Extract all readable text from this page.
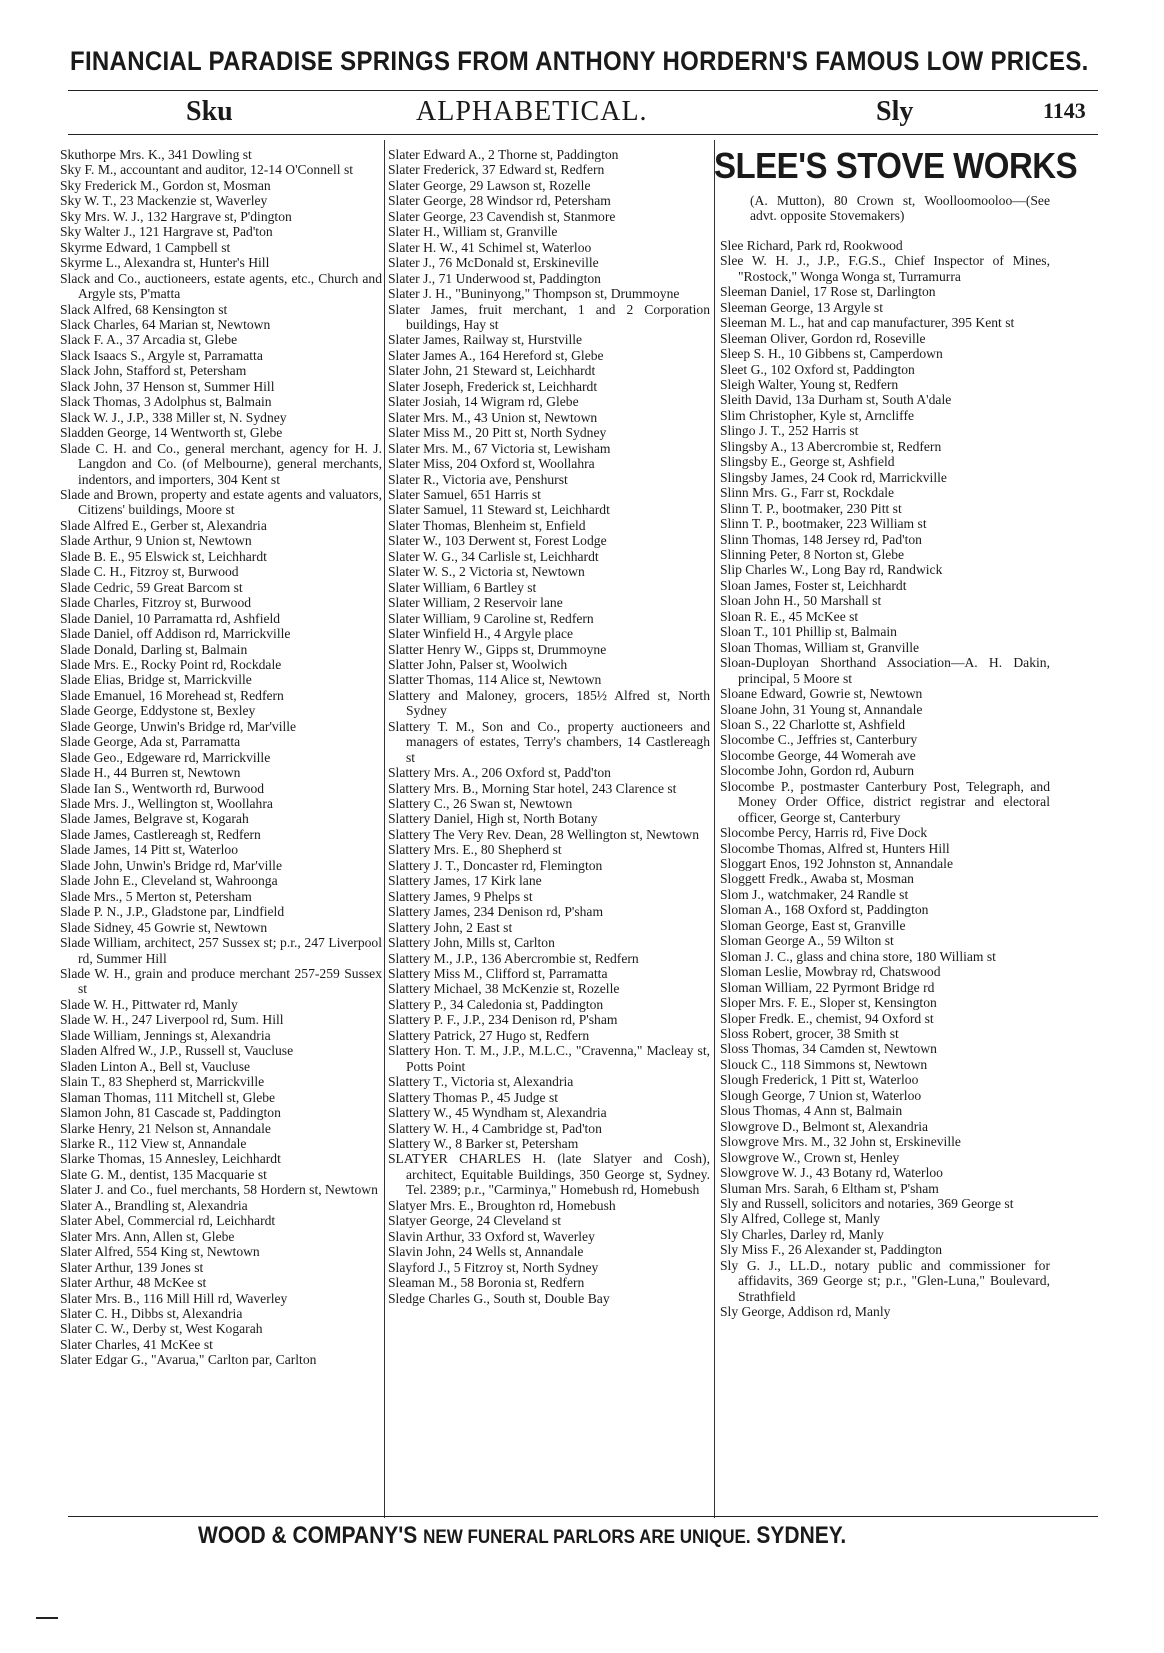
FINANCIAL PARADISE SPRINGS FROM ANTHONY HORDERN'S FAMOUS LOW PRICES.
Sku	ALPHABETICAL.	Sly	1143

Skuthorpe Mrs. K., 341 Dowling st

Sky F. M., accountant and auditor, 12-14 O'Connell st

Sky Frederick M., Gordon st, Mosman

Sky W. T., 23 Mackenzie st, Waverley

Sky Mrs. W. J., 132 Hargrave st, P'dington

Sky Walter J., 121 Hargrave st, Pad'ton

Skyrme Edward, 1 Campbell st

Skyrme L., Alexandra st, Hunter's Hill

Slack and Co., auctioneers, estate agents, etc., Church and Argyle sts, P'matta

Slack Alfred, 68 Kensington st

Slack Charles, 64 Marian st, Newtown

Slack F. A., 37 Arcadia st, Glebe

Slack Isaacs S., Argyle st, Parramatta

Slack John, Stafford st, Petersham

Slack John, 37 Henson st, Summer Hill

Slack Thomas, 3 Adolphus st, Balmain

Slack W. J., J.P., 338 Miller st, N. Sydney

Sladden George, 14 Wentworth st, Glebe

Slade C. H. and Co., general merchant, agency for H. J. Langdon and Co. (of Melbourne), general merchants, indentors, and importers, 304 Kent st

Slade and Brown, property and estate agents and valuators, Citizens' buildings, Moore st

Slade Alfred E., Gerber st, Alexandria

Slade Arthur, 9 Union st, Newtown

Slade B. E., 95 Elswick st, Leichhardt

Slade C. H., Fitzroy st, Burwood

Slade Cedric, 59 Great Barcom st

Slade Charles, Fitzroy st, Burwood

Slade Daniel, 10 Parramatta rd, Ashfield

Slade Daniel, off Addison rd, Marrickville

Slade Donald, Darling st, Balmain

Slade Mrs. E., Rocky Point rd, Rockdale

Slade Elias, Bridge st, Marrickville

Slade Emanuel, 16 Morehead st, Redfern

Slade George, Eddystone st, Bexley

Slade George, Unwin's Bridge rd, Mar'ville

Slade George, Ada st, Parramatta

Slade Geo., Edgeware rd, Marrickville

Slade H., 44 Burren st, Newtown

Slade Ian S., Wentworth rd, Burwood

Slade Mrs. J., Wellington st, Woollahra

Slade James, Belgrave st, Kogarah

Slade James, Castlereagh st, Redfern

Slade James, 14 Pitt st, Waterloo

Slade John, Unwin's Bridge rd, Mar'ville

Slade John E., Cleveland st, Wahroonga

Slade Mrs., 5 Merton st, Petersham

Slade P. N., J.P., Gladstone par, Lindfield

Slade Sidney, 45 Gowrie st, Newtown

Slade William, architect, 257 Sussex st; p.r., 247 Liverpool rd, Summer Hill

Slade W. H., grain and produce merchant 257-259 Sussex st

Slade W. H., Pittwater rd, Manly

Slade W. H., 247 Liverpool rd, Sum. Hill

Slade William, Jennings st, Alexandria

Sladen Alfred W., J.P., Russell st, Vaucluse

Sladen Linton A., Bell st, Vaucluse

Slain T., 83 Shepherd st, Marrickville

Slaman Thomas, 111 Mitchell st, Glebe

Slamon John, 81 Cascade st, Paddington

Slarke Henry, 21 Nelson st, Annandale

Slarke R., 112 View st, Annandale

Slarke Thomas, 15 Annesley, Leichhardt

Slate G. M., dentist, 135 Macquarie st

Slater J. and Co., fuel merchants, 58 Hordern st, Newtown

Slater A., Brandling st, Alexandria

Slater Abel, Commercial rd, Leichhardt

Slater Mrs. Ann, Allen st, Glebe

Slater Alfred, 554 King st, Newtown

Slater Arthur, 139 Jones st

Slater Arthur, 48 McKee st

Slater Mrs. B., 116 Mill Hill rd, Waverley

Slater C. H., Dibbs st, Alexandria

Slater C. W., Derby st, West Kogarah

Slater Charles, 41 McKee st

Slater Edgar G., "Avarua," Carlton par, Carlton

Slater Edward A., 2 Thorne st, Paddington

Slater Frederick, 37 Edward st, Redfern

Slater George, 29 Lawson st, Rozelle

Slater George, 28 Windsor rd, Petersham

Slater George, 23 Cavendish st, Stanmore

Slater H., William st, Granville

Slater H. W., 41 Schimel st, Waterloo

Slater J., 76 McDonald st, Erskineville

Slater J., 71 Underwood st, Paddington

Slater J. H., "Buninyong," Thompson st, Drummoyne

Slater James, fruit merchant, 1 and 2 Corporation buildings, Hay st

Slater James, Railway st, Hurstville

Slater James A., 164 Hereford st, Glebe

Slater John, 21 Steward st, Leichhardt

Slater Joseph, Frederick st, Leichhardt

Slater Josiah, 14 Wigram rd, Glebe

Slater Mrs. M., 43 Union st, Newtown

Slater Miss M., 20 Pitt st, North Sydney

Slater Mrs. M., 67 Victoria st, Lewisham

Slater Miss, 204 Oxford st, Woollahra

Slater R., Victoria ave, Penshurst

Slater Samuel, 651 Harris st

Slater Samuel, 11 Steward st, Leichhardt

Slater Thomas, Blenheim st, Enfield

Slater W., 103 Derwent st, Forest Lodge

Slater W. G., 34 Carlisle st, Leichhardt

Slater W. S., 2 Victoria st, Newtown

Slater William, 6 Bartley st

Slater William, 2 Reservoir lane

Slater William, 9 Caroline st, Redfern

Slater Winfield H., 4 Argyle place

Slatter Henry W., Gipps st, Drummoyne

Slatter John, Palser st, Woolwich

Slatter Thomas, 114 Alice st, Newtown

Slattery and Maloney, grocers, 185½ Alfred st, North Sydney

Slattery T. M., Son and Co., property auctioneers and managers of estates, Terry's chambers, 14 Castlereagh st

Slattery Mrs. A., 206 Oxford st, Padd'ton

Slattery Mrs. B., Morning Star hotel, 243 Clarence st

Slattery C., 26 Swan st, Newtown

Slattery Daniel, High st, North Botany

Slattery The Very Rev. Dean, 28 Wellington st, Newtown

Slattery Mrs. E., 80 Shepherd st

Slattery J. T., Doncaster rd, Flemington

Slattery James, 17 Kirk lane

Slattery James, 9 Phelps st

Slattery James, 234 Denison rd, P'sham

Slattery John, 2 East st

Slattery John, Mills st, Carlton

Slattery M., J.P., 136 Abercrombie st, Redfern

Slattery Miss M., Clifford st, Parramatta

Slattery Michael, 38 McKenzie st, Rozelle

Slattery P., 34 Caledonia st, Paddington

Slattery P. F., J.P., 234 Denison rd, P'sham

Slattery Patrick, 27 Hugo st, Redfern

Slattery Hon. T. M., J.P., M.L.C., "Cravenna," Macleay st, Potts Point

Slattery T., Victoria st, Alexandria

Slattery Thomas P., 45 Judge st

Slattery W., 45 Wyndham st, Alexandria

Slattery W. H., 4 Cambridge st, Pad'ton

Slattery W., 8 Barker st, Petersham

SLATYER CHARLES H. (late Slatyer and Cosh), architect, Equitable Buildings, 350 George st, Sydney. Tel. 2389; p.r., "Carminya," Homebush rd, Homebush

Slatyer Mrs. E., Broughton rd, Homebush

Slatyer George, 24 Cleveland st

Slavin Arthur, 33 Oxford st, Waverley

Slavin John, 24 Wells st, Annandale

Slayford J., 5 Fitzroy st, North Sydney

Sleaman M., 58 Boronia st, Redfern

Sledge Charles G., South st, Double Bay

SLEE'S STOVE WORKS

(A. Mutton), 80 Crown st, Woolloomooloo—(See advt. opposite Stovemakers)

Slee Richard, Park rd, Rookwood

Slee W. H. J., J.P., F.G.S., Chief Inspector of Mines, "Rostock," Wonga Wonga st, Turramurra

Sleeman Daniel, 17 Rose st, Darlington

Sleeman George, 13 Argyle st

Sleeman M. L., hat and cap manufacturer, 395 Kent st

Sleeman Oliver, Gordon rd, Roseville

Sleep S. H., 10 Gibbens st, Camperdown

Sleet G., 102 Oxford st, Paddington

Sleigh Walter, Young st, Redfern

Sleith David, 13a Durham st, South A'dale

Slim Christopher, Kyle st, Arncliffe

Slingo J. T., 252 Harris st

Slingsby A., 13 Abercrombie st, Redfern

Slingsby E., George st, Ashfield

Slingsby James, 24 Cook rd, Marrickville

Slinn Mrs. G., Farr st, Rockdale

Slinn T. P., bootmaker, 230 Pitt st

Slinn T. P., bootmaker, 223 William st

Slinn Thomas, 148 Jersey rd, Pad'ton

Slinning Peter, 8 Norton st, Glebe

Slip Charles W., Long Bay rd, Randwick

Sloan James, Foster st, Leichhardt

Sloan John H., 50 Marshall st

Sloan R. E., 45 McKee st

Sloan T., 101 Phillip st, Balmain

Sloan Thomas, William st, Granville

Sloan-Duployan Shorthand Association—A. H. Dakin, principal, 5 Moore st

Sloane Edward, Gowrie st, Newtown

Sloane John, 31 Young st, Annandale

Sloan S., 22 Charlotte st, Ashfield

Slocombe C., Jeffries st, Canterbury

Slocombe George, 44 Womerah ave

Slocombe John, Gordon rd, Auburn

Slocombe P., postmaster Canterbury Post, Telegraph, and Money Order Office, district registrar and electoral officer, George st, Canterbury

Slocombe Percy, Harris rd, Five Dock

Slocombe Thomas, Alfred st, Hunters Hill

Sloggart Enos, 192 Johnston st, Annandale

Sloggett Fredk., Awaba st, Mosman

Slom J., watchmaker, 24 Randle st

Sloman A., 168 Oxford st, Paddington

Sloman George, East st, Granville

Sloman George A., 59 Wilton st

Sloman J. C., glass and china store, 180 William st

Sloman Leslie, Mowbray rd, Chatswood

Sloman William, 22 Pyrmont Bridge rd

Sloper Mrs. F. E., Sloper st, Kensington

Sloper Fredk. E., chemist, 94 Oxford st

Sloss Robert, grocer, 38 Smith st

Sloss Thomas, 34 Camden st, Newtown

Slouck C., 118 Simmons st, Newtown

Slough Frederick, 1 Pitt st, Waterloo

Slough George, 7 Union st, Waterloo

Slous Thomas, 4 Ann st, Balmain

Slowgrove D., Belmont st, Alexandria

Slowgrove Mrs. M., 32 John st, Erskineville

Slowgrove W., Crown st, Henley

Slowgrove W. J., 43 Botany rd, Waterloo

Sluman Mrs. Sarah, 6 Eltham st, P'sham

Sly and Russell, solicitors and notaries, 369 George st

Sly Alfred, College st, Manly

Sly Charles, Darley rd, Manly

Sly Miss F., 26 Alexander st, Paddington

Sly G. J., LL.D., notary public and commissioner for affidavits, 369 George st; p.r., "Glen-Luna," Boulevard, Strathfield

Sly George, Addison rd, Manly

WOOD & COMPANY'S NEW FUNERAL PARLORS ARE UNIQUE. SYDNEY.
